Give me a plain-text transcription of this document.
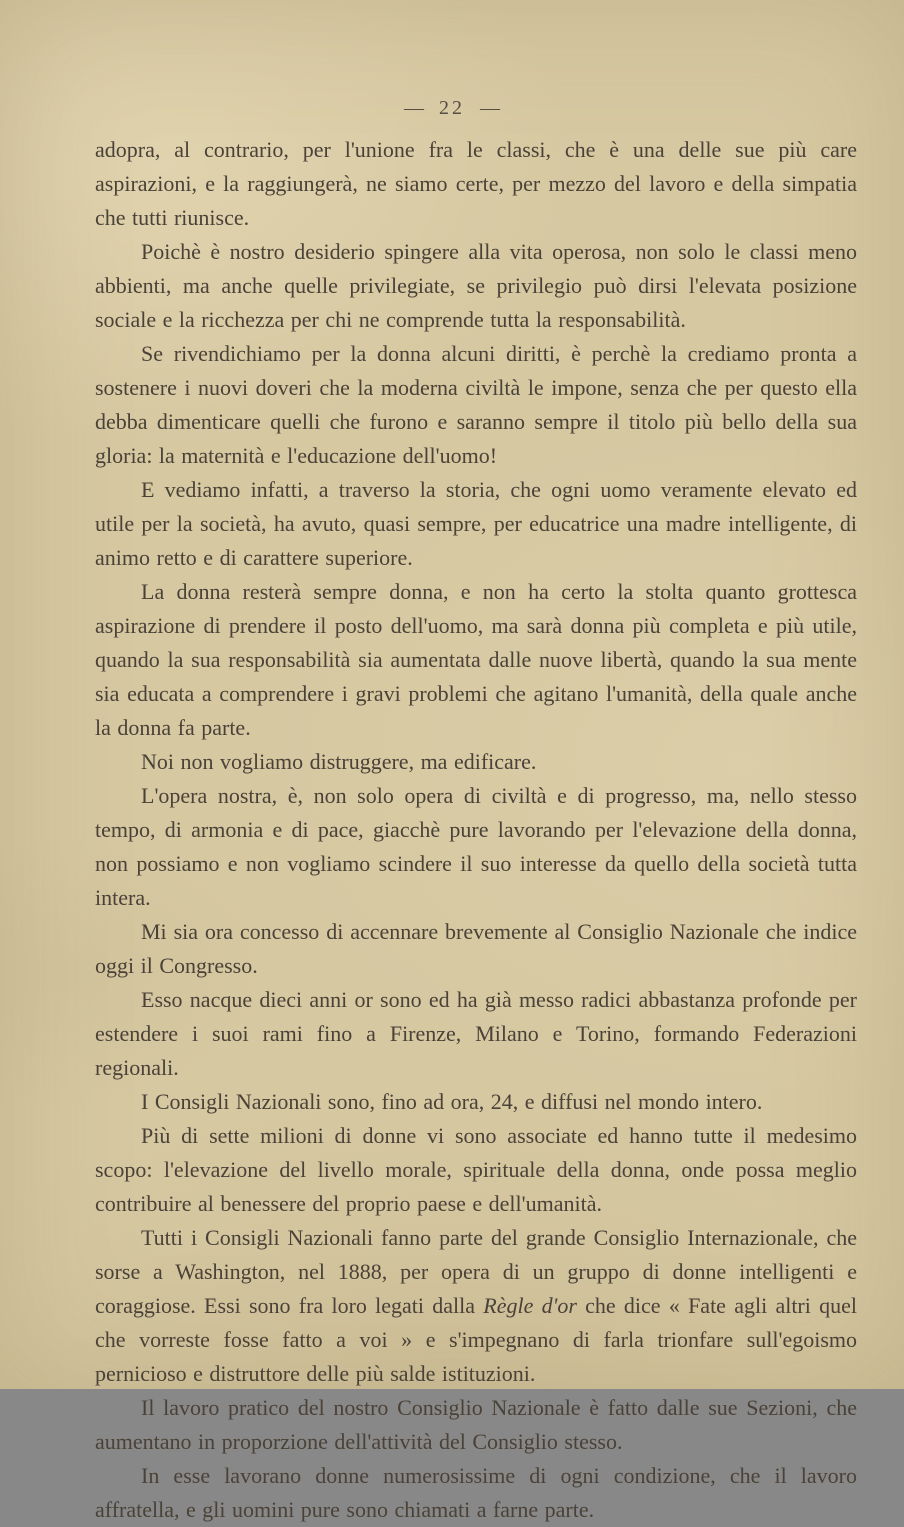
— 22 —

adopra, al contrario, per l'unione fra le classi, che è una delle sue più care aspirazioni, e la raggiungerà, ne siamo certe, per mezzo del lavoro e della simpatia che tutti riunisce.

Poichè è nostro desiderio spingere alla vita operosa, non solo le classi meno abbienti, ma anche quelle privilegiate, se privilegio può dirsi l'elevata posizione sociale e la ricchezza per chi ne comprende tutta la responsabilità.

Se rivendichiamo per la donna alcuni diritti, è perchè la crediamo pronta a sostenere i nuovi doveri che la moderna civiltà le impone, senza che per questo ella debba dimenticare quelli che furono e saranno sempre il titolo più bello della sua gloria: la maternità e l'educazione dell'uomo!

E vediamo infatti, a traverso la storia, che ogni uomo veramente elevato ed utile per la società, ha avuto, quasi sempre, per educatrice una madre intelligente, di animo retto e di carattere superiore.

La donna resterà sempre donna, e non ha certo la stolta quanto grottesca aspirazione di prendere il posto dell'uomo, ma sarà donna più completa e più utile, quando la sua responsabilità sia aumentata dalle nuove libertà, quando la sua mente sia educata a comprendere i gravi problemi che agitano l'umanità, della quale anche la donna fa parte.

Noi non vogliamo distruggere, ma edificare.

L'opera nostra, è, non solo opera di civiltà e di progresso, ma, nello stesso tempo, di armonia e di pace, giacchè pure lavorando per l'elevazione della donna, non possiamo e non vogliamo scindere il suo interesse da quello della società tutta intera.

Mi sia ora concesso di accennare brevemente al Consiglio Nazionale che indice oggi il Congresso.

Esso nacque dieci anni or sono ed ha già messo radici abbastanza profonde per estendere i suoi rami fino a Firenze, Milano e Torino, formando Federazioni regionali.

I Consigli Nazionali sono, fino ad ora, 24, e diffusi nel mondo intero.

Più di sette milioni di donne vi sono associate ed hanno tutte il medesimo scopo: l'elevazione del livello morale, spirituale della donna, onde possa meglio contribuire al benessere del proprio paese e dell'umanità.

Tutti i Consigli Nazionali fanno parte del grande Consiglio Internazionale, che sorse a Washington, nel 1888, per opera di un gruppo di donne intelligenti e coraggiose. Essi sono fra loro legati dalla Règle d'or che dice « Fate agli altri quel che vorreste fosse fatto a voi » e s'impegnano di farla trionfare sull'egoismo pernicioso e distruttore delle più salde istituzioni.

Il lavoro pratico del nostro Consiglio Nazionale è fatto dalle sue Sezioni, che aumentano in proporzione dell'attività del Consiglio stesso.

In esse lavorano donne numerosissime di ogni condizione, che il lavoro affratella, e gli uomini pure sono chiamati a farne parte.
